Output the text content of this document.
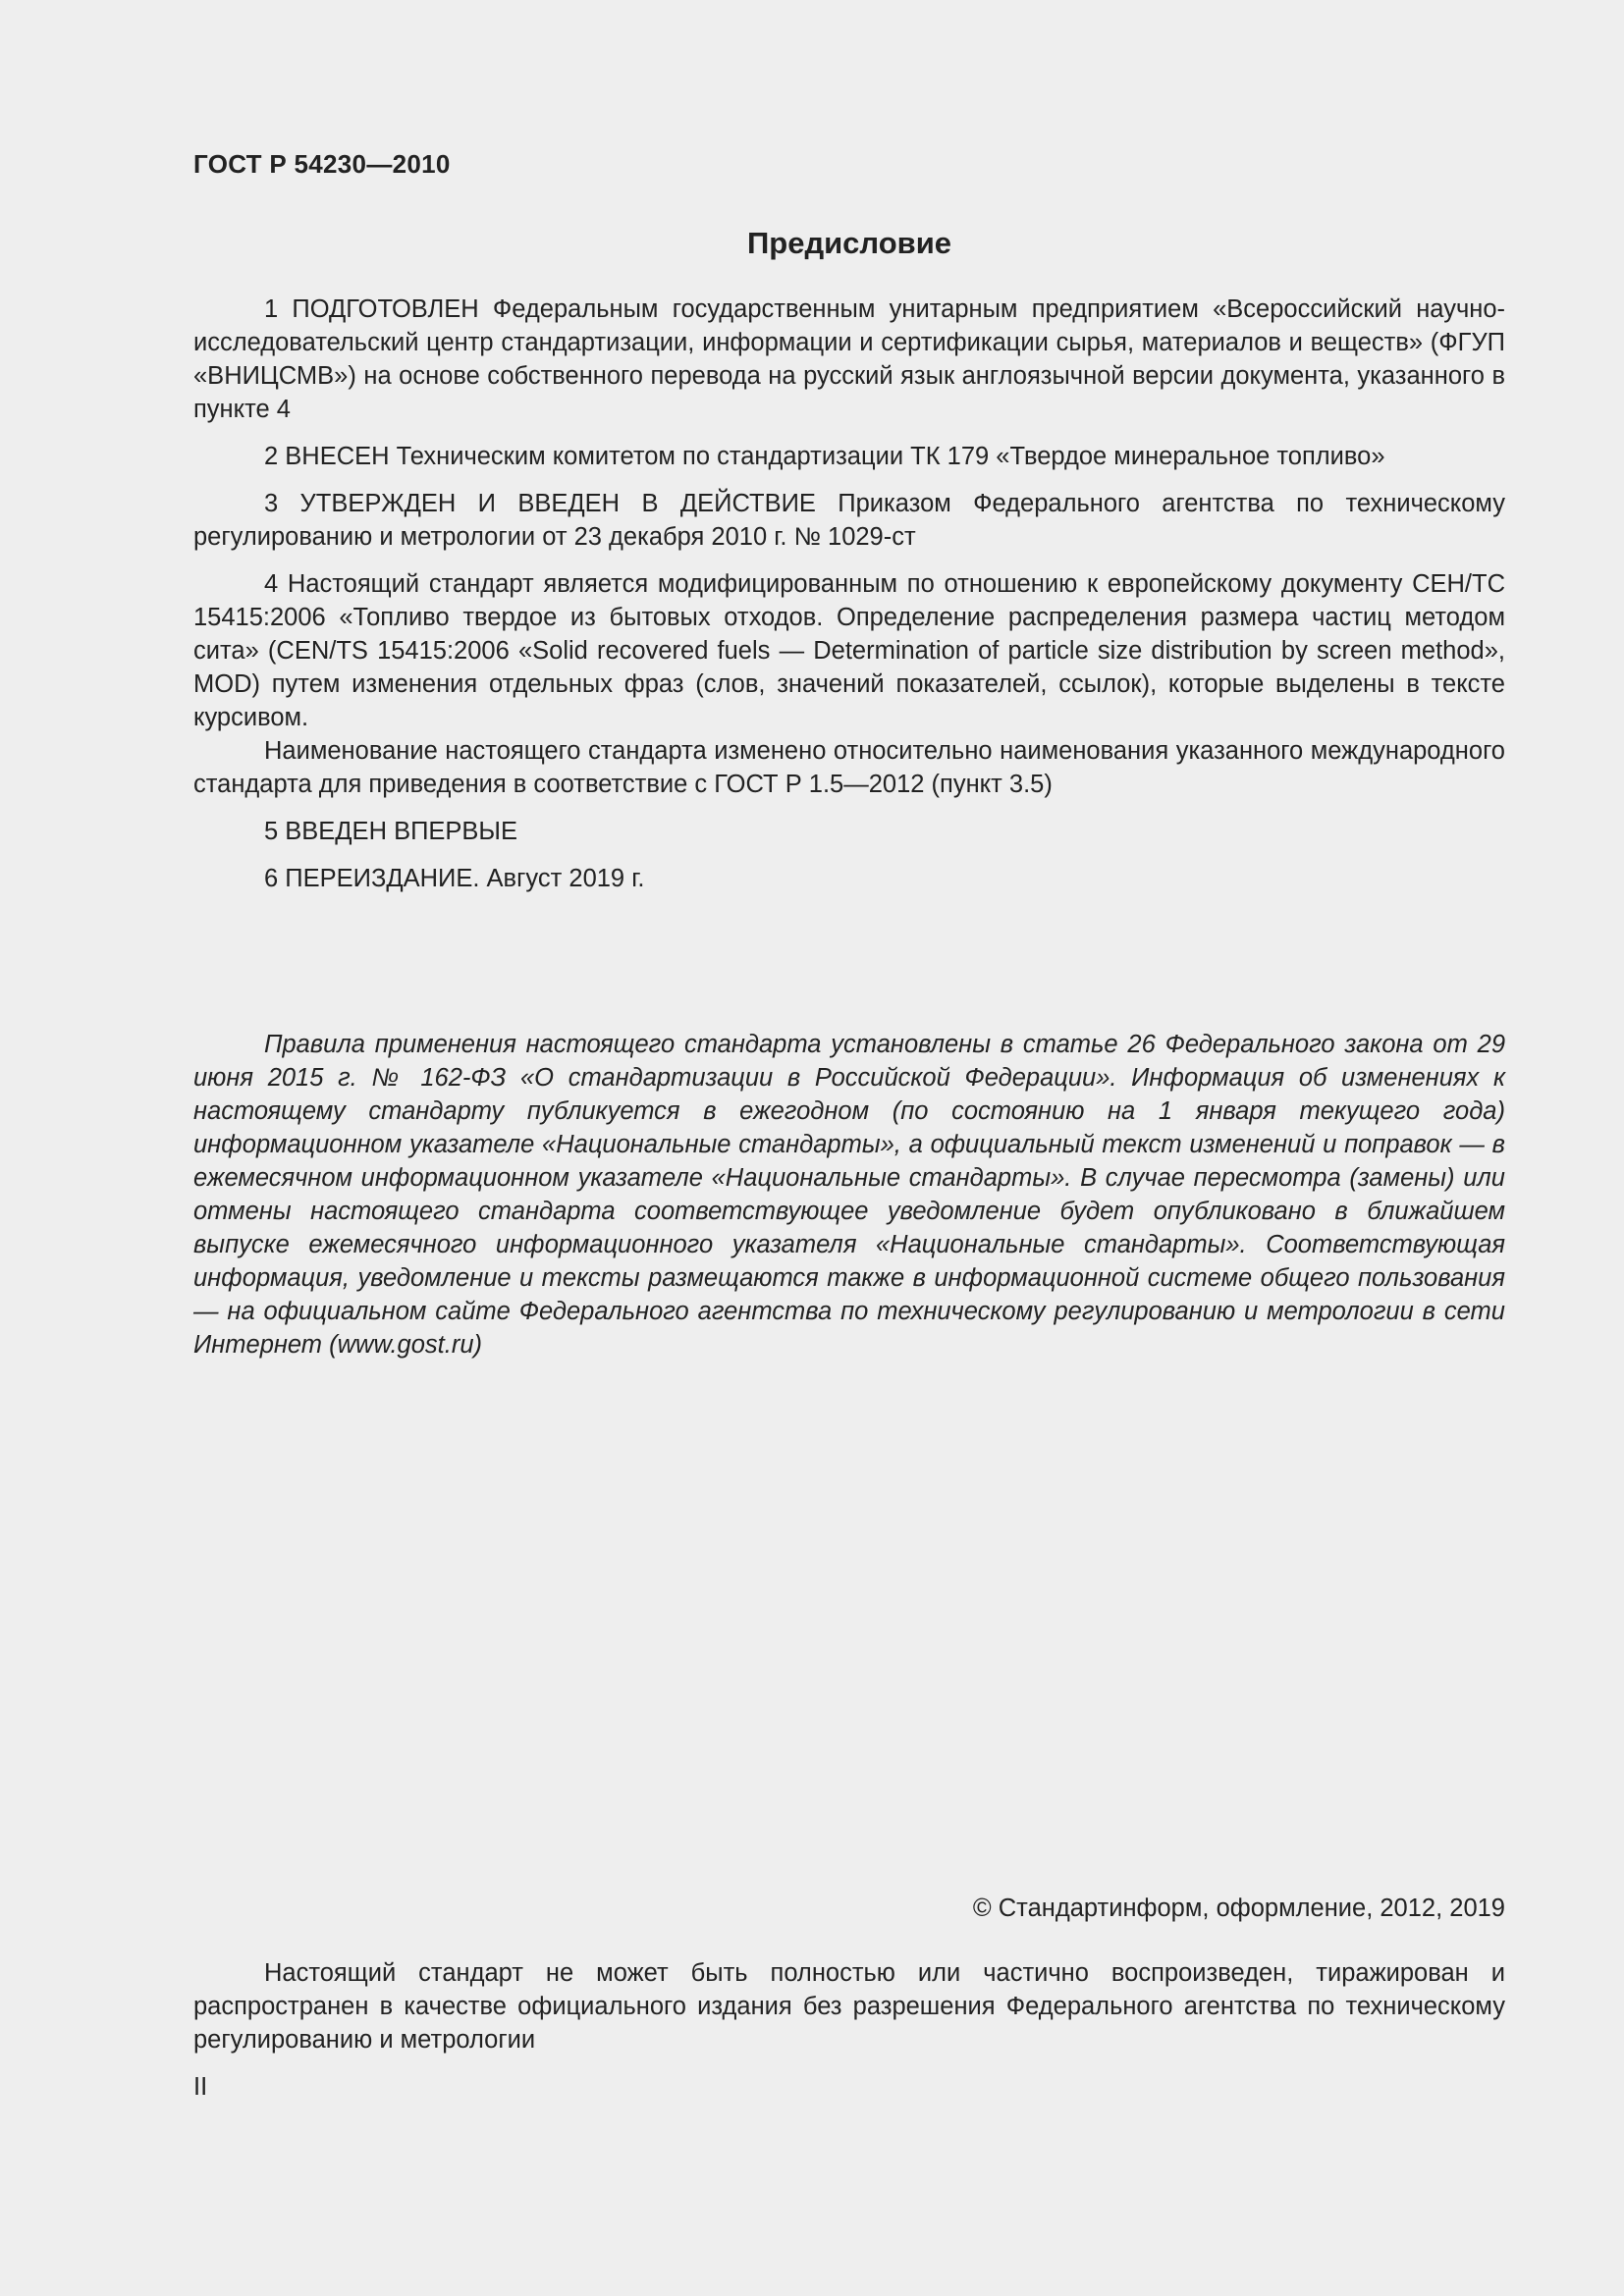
ГОСТ Р 54230—2010
Предисловие

1 ПОДГОТОВЛЕН Федеральным государственным унитарным предприятием «Всероссийский научно-исследовательский центр стандартизации, информации и сертификации сырья, материалов и веществ» (ФГУП «ВНИЦСМВ») на основе собственного перевода на русский язык англоязычной версии документа, указанного в пункте 4

2 ВНЕСЕН Техническим комитетом по стандартизации ТК 179 «Твердое минеральное топливо»

3 УТВЕРЖДЕН И ВВЕДЕН В ДЕЙСТВИЕ Приказом Федерального агентства по техническому регулированию и метрологии от 23 декабря 2010 г. № 1029-ст

4 Настоящий стандарт является модифицированным по отношению к европейскому документу СЕН/ТС 15415:2006 «Топливо твердое из бытовых отходов. Определение распределения размера частиц методом сита» (CEN/TS 15415:2006 «Solid recovered fuels — Determination of particle size distribution by screen method», MOD) путем изменения отдельных фраз (слов, значений показателей, ссылок), которые выделены в тексте курсивом.

Наименование настоящего стандарта изменено относительно наименования указанного международного стандарта для приведения в соответствие с ГОСТ Р 1.5—2012 (пункт 3.5)

5 ВВЕДЕН ВПЕРВЫЕ

6 ПЕРЕИЗДАНИЕ. Август 2019 г.

Правила применения настоящего стандарта установлены в статье 26 Федерального закона от 29 июня 2015 г. № 162-ФЗ «О стандартизации в Российской Федерации». Информация об изменениях к настоящему стандарту публикуется в ежегодном (по состоянию на 1 января текущего года) информационном указателе «Национальные стандарты», а официальный текст изменений и поправок — в ежемесячном информационном указателе «Национальные стандарты». В случае пересмотра (замены) или отмены настоящего стандарта соответствующее уведомление будет опубликовано в ближайшем выпуске ежемесячного информационного указателя «Национальные стандарты». Соответствующая информация, уведомление и тексты размещаются также в информационной системе общего пользования — на официальном сайте Федерального агентства по техническому регулированию и метрологии в сети Интернет (www.gost.ru)

© Стандартинформ, оформление, 2012, 2019

Настоящий стандарт не может быть полностью или частично воспроизведен, тиражирован и распространен в качестве официального издания без разрешения Федерального агентства по техническому регулированию и метрологии

II
